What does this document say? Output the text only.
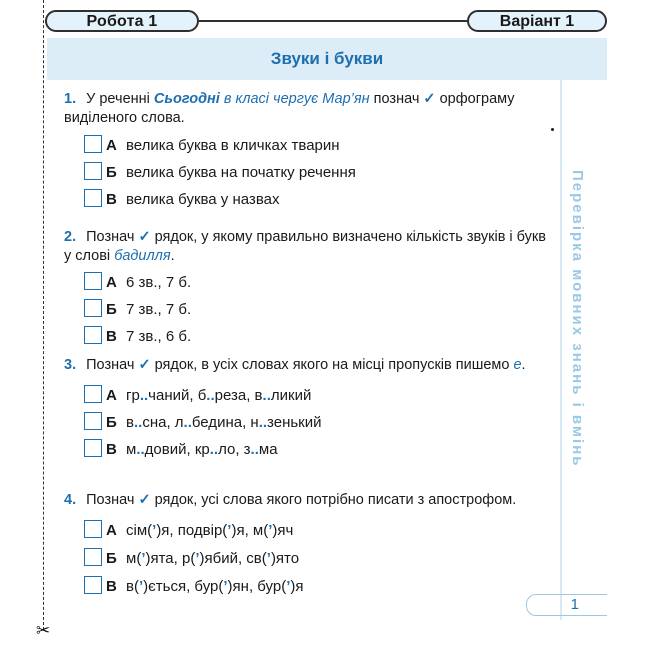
✂
Робота 1	Варіант 1
Звуки і букви
Перевірка мовних знань і вмінь
1. У реченні Сьогодні в класі чергує Мар’ян познач ✓ орфограму виділеного слова.
А велика буква в кличках тварин
Б велика буква на початку речення
В велика буква у назвах
2. Познач ✓ рядок, у якому правильно визначено кількість звуків і букв у слові бадилля.
А 6 зв., 7 б.
Б 7 зв., 7 б.
В 7 зв., 6 б.
3. Познач ✓ рядок, в усіх словах якого на місці пропусків пишемо е.
А гр..чаний, б..реза, в..ликий
Б в..сна, л..бедина, н..зенький
В м..довий, кр..ло, з..ма
4. Познач ✓ рядок, усі слова якого потрібно писати з апострофом.
А сім(’)я, подвір(’)я, м(’)яч
Б м(’)ята, р(’)ябий, св(’)ято
В в(’)ється, бур(’)ян, бур(’)я
1
